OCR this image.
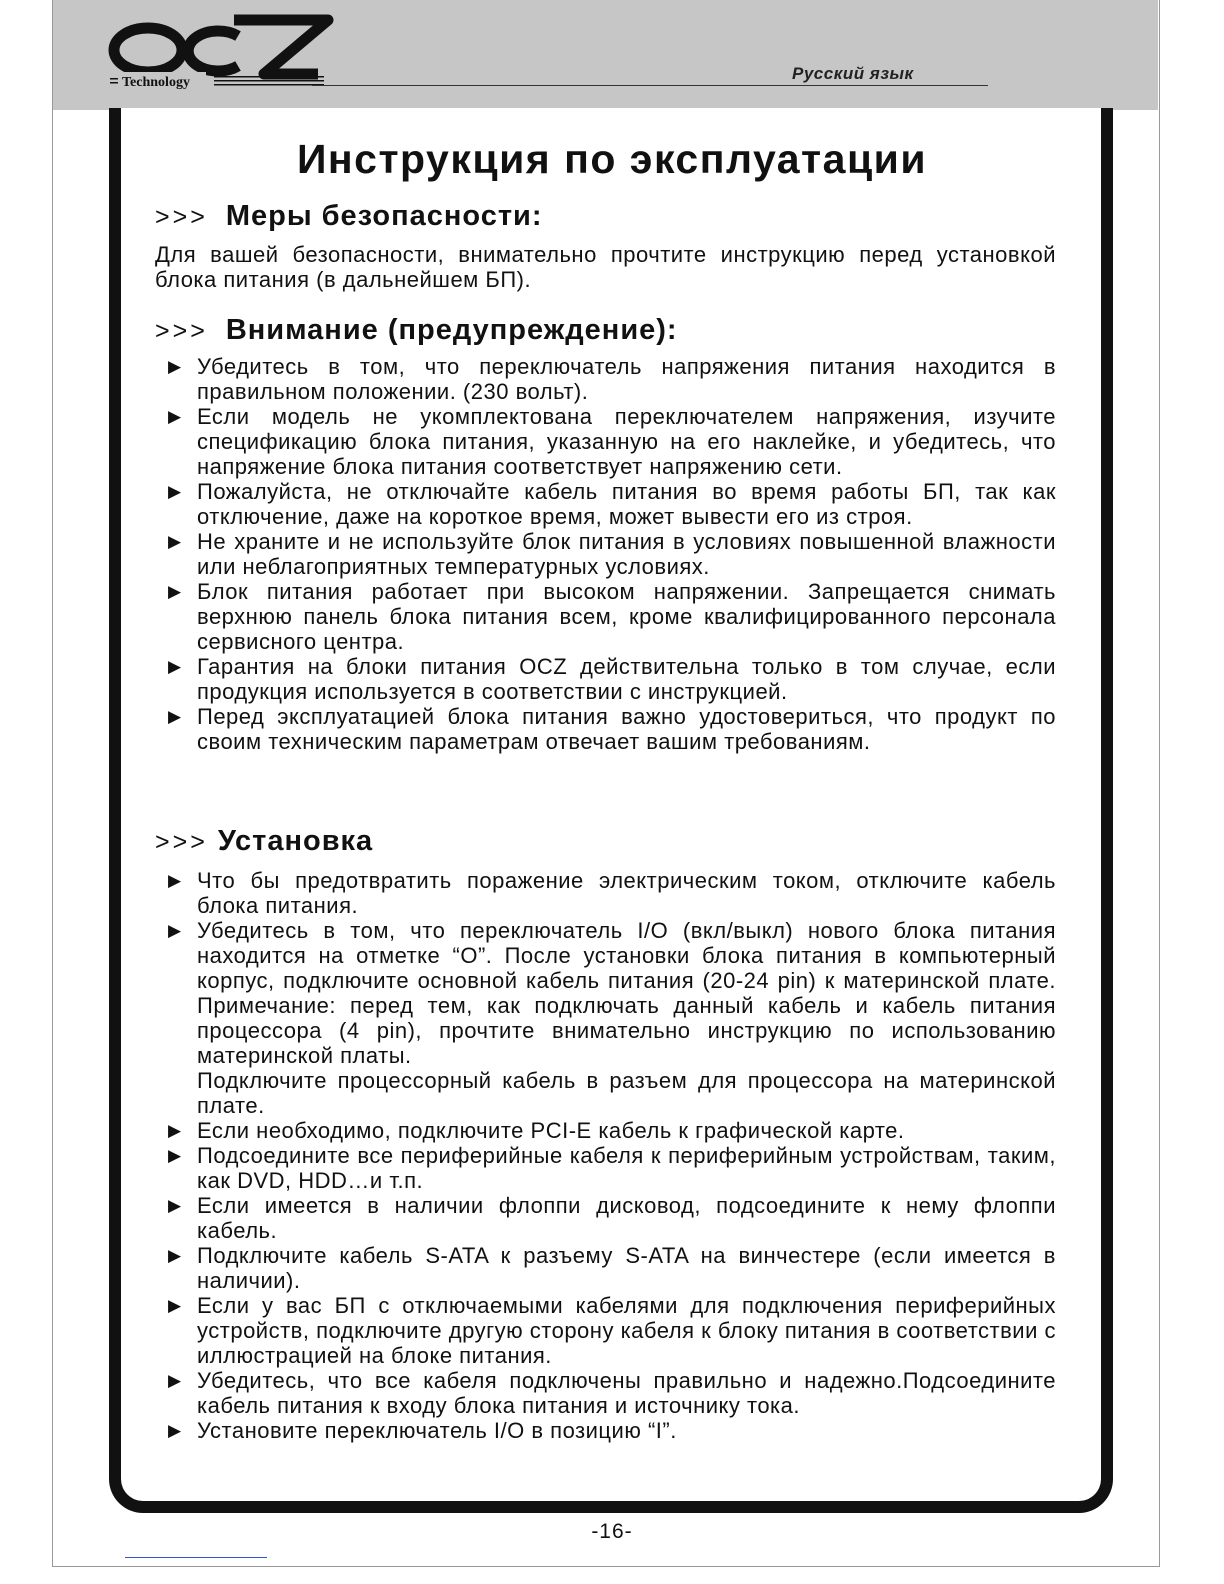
Technology	Русский язык
Инструкция по эксплуатации
>>> Меры безопасности:
Для вашей безопасности, внимательно прочтите инструкцию перед установкой блока питания (в дальнейшем БП).
>>> Внимание (предупреждение):
▶ Убедитесь в том, что переключатель напряжения питания находится в правильном положении. (230 вольт).
▶ Если модель не укомплектована переключателем напряжения, изучите спецификацию блока питания, указанную на его наклейке, и убедитесь, что напряжение блока питания соответствует напряжению сети.
▶ Пожалуйста, не отключайте кабель питания во время работы БП, так как отключение, даже на короткое время, может вывести его из строя.
▶ Не храните и не используйте блок питания в условиях повышенной влажности или неблагоприятных температурных условиях.
▶ Блок питания работает при высоком напряжении. Запрещается снимать верхнюю панель блока питания всем, кроме квалифицированного персонала сервисного центра.
▶ Гарантия на блоки питания OCZ действительна только в том случае, если продукция используется в соответствии с инструкцией.
▶ Перед эксплуатацией блока питания важно удостовериться, что продукт по своим техническим параметрам отвечает вашим требованиям.
>>> Установка
▶ Что бы предотвратить поражение электрическим током, отключите кабель блока питания.
▶ Убедитесь в том, что переключатель I/O (вкл/выкл) нового блока питания находится на отметке “O”. После установки блока питания в компьютерный корпус, подключите основной кабель питания (20-24 pin) к материнской плате. Примечание: перед тем, как подключать данный кабель и кабель питания процессора (4 pin), прочтите внимательно инструкцию по использованию материнской платы.
Подключите процессорный кабель в разъем для процессора на материнской плате.
▶ Если необходимо, подключите PCI-E кабель к графической карте.
▶ Подсоедините все периферийные кабеля к периферийным устройствам, таким, как DVD, HDD…и т.п.
▶ Если имеется в наличии флоппи дисковод, подсоедините к нему флоппи кабель.
▶ Подключите кабель S-ATA к разъему S-ATA на винчестере (если имеется в наличии).
▶ Если у вас БП с отключаемыми кабелями для подключения периферийных устройств, подключите другую сторону кабеля к блоку питания в соответствии с иллюстрацией на блоке питания.
▶ Убедитесь, что все кабеля подключены правильно и надежно.Подсоедините кабель питания к входу блока питания и источнику тока.
▶ Установите переключатель I/O в позицию “I”.
-16-
